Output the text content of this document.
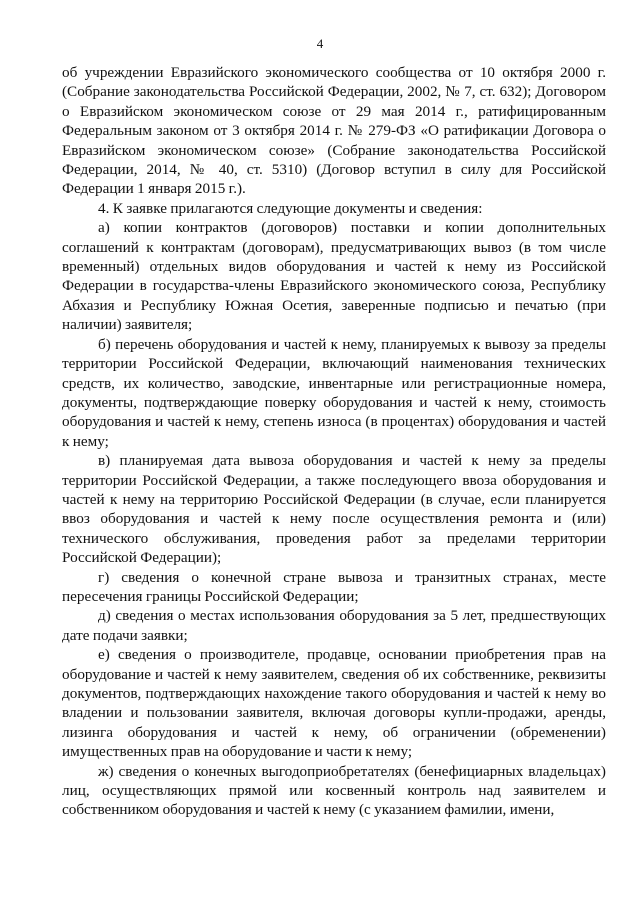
4

об учреждении Евразийского экономического сообщества от 10 октября 2000 г. (Собрание законодательства Российской Федерации, 2002, № 7, ст. 632); Договором о Евразийском экономическом союзе от 29 мая 2014 г., ратифицированным Федеральным законом от 3 октября 2014 г. № 279-ФЗ «О ратификации Договора о Евразийском экономическом союзе» (Собрание законодательства Российской Федерации, 2014, № 40, ст. 5310) (Договор вступил в силу для Российской Федерации 1 января 2015 г.).

4. К заявке прилагаются следующие документы и сведения:

а) копии контрактов (договоров) поставки и копии дополнительных соглашений к контрактам (договорам), предусматривающих вывоз (в том числе временный) отдельных видов оборудования и частей к нему из Российской Федерации в государства-члены Евразийского экономического союза, Республику Абхазия и Республику Южная Осетия, заверенные подписью и печатью (при наличии) заявителя;

б) перечень оборудования и частей к нему, планируемых к вывозу за пределы территории Российской Федерации, включающий наименования технических средств, их количество, заводские, инвентарные или регистрационные номера, документы, подтверждающие поверку оборудования и частей к нему, стоимость оборудования и частей к нему, степень износа (в процентах) оборудования и частей к нему;

в) планируемая дата вывоза оборудования и частей к нему за пределы территории Российской Федерации, а также последующего ввоза оборудования и частей к нему на территорию Российской Федерации (в случае, если планируется ввоз оборудования и частей к нему после осуществления ремонта и (или) технического обслуживания, проведения работ за пределами территории Российской Федерации);

г) сведения о конечной стране вывоза и транзитных странах, месте пересечения границы Российской Федерации;

д) сведения о местах использования оборудования за 5 лет, предшествующих дате подачи заявки;

е) сведения о производителе, продавце, основании приобретения прав на оборудование и частей к нему заявителем, сведения об их собственнике, реквизиты документов, подтверждающих нахождение такого оборудования и частей к нему во владении и пользовании заявителя, включая договоры купли-продажи, аренды, лизинга оборудования и частей к нему, об ограничении (обременении) имущественных прав на оборудование и части к нему;

ж) сведения о конечных выгодоприобретателях (бенефициарных владельцах) лиц, осуществляющих прямой или косвенный контроль над заявителем и собственником оборудования и частей к нему (с указанием фамилии, имени,
